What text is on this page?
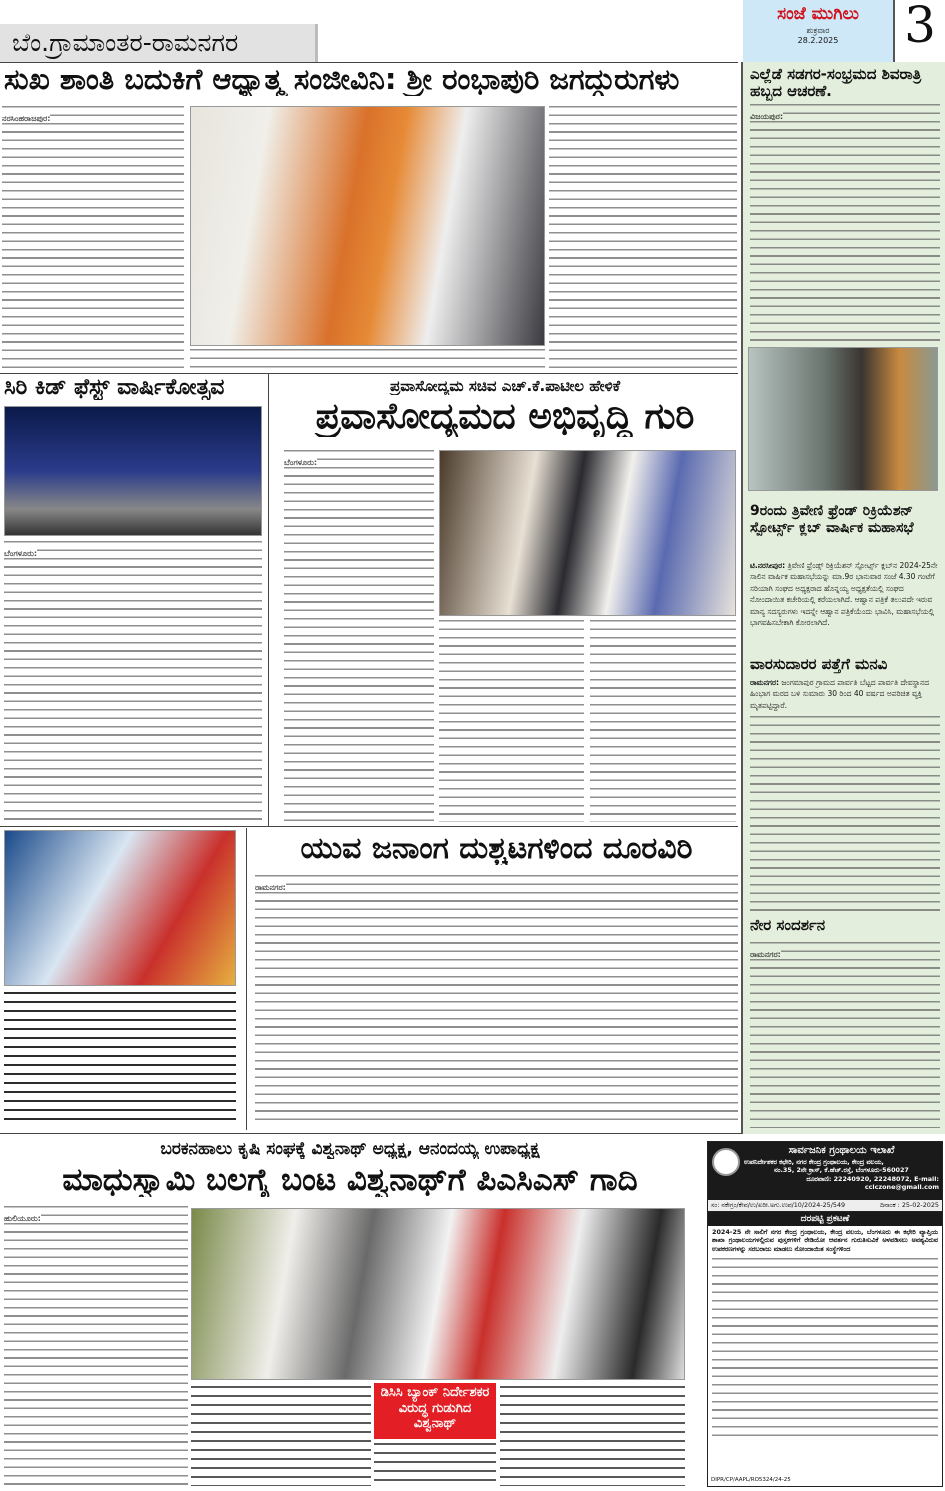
ಬೆಂ.ಗ್ರಾಮಾಂತರ-ರಾಮನಗರ
ಸಂಜೆ ಮುಗಿಲು
ಶುಕ್ರವಾರ
28.2.2025	3
ಸುಖ ಶಾಂತಿ ಬದುಕಿಗೆ ಆಧ್ಯಾತ್ಮ ಸಂಜೀವಿನಿ: ಶ್ರೀ ರಂಭಾಪುರಿ ಜಗದ್ಗುರುಗಳು
ನರಸಿಂಹರಾಜಪುರ:
ಸಿರಿ ಕಿಡ್ ಫೆಸ್ಟ್ ವಾರ್ಷಿಕೋತ್ಸವ
ಬೆಂಗಳೂರು:
ಪ್ರವಾಸೋದ್ಯಮ ಸಚಿವ ಎಚ್.ಕೆ.ಪಾಟೀಲ ಹೇಳಿಕೆ
ಪ್ರವಾಸೋದ್ಯಮದ ಅಭಿವೃದ್ಧಿ ಗುರಿ
ಬೆಂಗಳೂರು:
ಯುವ ಜನಾಂಗ ದುಶ್ಚಟಗಳಿಂದ ದೂರವಿರಿ
ರಾಮನಗರ:
ಎಲ್ಲೆಡೆ ಸಡಗರ-ಸಂಭ್ರಮದ ಶಿವರಾತ್ರಿ ಹಬ್ಬದ ಆಚರಣೆ.
ವಿಜಯಪುರ:
9ರಂದು ತ್ರಿವೇಣಿ ಫ್ರೆಂಡ್ ರಿಕ್ರಿಯೆಶನ್ ಸ್ಪೋರ್ಟ್ಸ್ ಕ್ಲಬ್ ವಾರ್ಷಿಕ ಮಹಾಸಭೆ
ಟಿ.ನರಸೀಪುರ: ತ್ರಿವೇಣಿ ಫ್ರೆಂಡ್ಸ್ ರಿಕ್ರಿಯೆಶನ್ ಸ್ಪೋರ್ಟ್ಸ್ ಕ್ಲಬ್‌ನ 2024-25ನೇ ಸಾಲಿನ ವಾರ್ಷಿಕ ಮಹಾಸಭೆಯನ್ನು ಮಾ.9ರ ಭಾನುವಾರ ಸಂಜೆ 4.30 ಗಂಟೆಗೆ ಸರಿಯಾಗಿ ಸಂಘದ ಅಧ್ಯಕ್ಷರಾದ ಹೊನ್ನಯ್ಯ ಅಧ್ಯಕ್ಷತೆಯಲ್ಲಿ ಸಂಘದ ನೋಂದಾಯಿತ ಕಚೇರಿಯಲ್ಲಿ ಕರೆಯಲಾಗಿದೆ. ಆಹ್ವಾನ ಪತ್ರಿಕೆ ತಲುಪದೇ ಇರುವ ಮಾನ್ಯ ಸದಸ್ಯರುಗಳು ಇದನ್ನೇ ಆಹ್ವಾನ ಪತ್ರಿಕೆಯೆಂದು ಭಾವಿಸಿ, ಮಹಾಸಭೆಯಲ್ಲಿ ಭಾಗವಹಿಸಬೇಕಾಗಿ ಕೋರಲಾಗಿದೆ.
ವಾರಸುದಾರರ ಪತ್ತೆಗೆ ಮನವಿ
ರಾಮನಗರ: ಜಂಗಮಾಪುರ ಗ್ರಾಮದ ಪಾರ್ವತಿ ಬೆಟ್ಟದ ಪಾರ್ವತಿ ದೇವಸ್ಥಾನದ ಹಿಂಭಾಗ ಮರದ ಬಳಿ ಸುಮಾರು 30 ರಿಂದ 40 ವರ್ಷದ ಅಪರಿಚಿತ ವ್ಯಕ್ತಿ ಮೃತಪಟ್ಟಿದ್ದಾರೆ.
ನೇರ ಸಂದರ್ಶನ
ರಾಮನಗರ:
ಬರಕನಹಾಲು ಕೃಷಿ ಸಂಘಕ್ಕೆ ವಿಶ್ವನಾಥ್ ಅಧ್ಯಕ್ಷ, ಆನಂದಯ್ಯ ಉಪಾಧ್ಯಕ್ಷ
ಮಾಧುಸ್ವಾಮಿ ಬಲಗೈ ಬಂಟ ವಿಶ್ವನಾಥ್‌ಗೆ ಪಿಎಸಿಎಸ್ ಗಾದಿ
ಹುಲಿಯೂರು:
ಡಿಸಿಸಿ ಬ್ಯಾಂಕ್ ನಿರ್ದೇಶಕರ ವಿರುದ್ಧ ಗುಡುಗಿದ ವಿಶ್ವನಾಥ್
ಸಾರ್ವಜನಿಕ ಗ್ರಂಥಾಲಯ ಇಲಾಖೆ
ಉಪನಿರ್ದೇಶಕರ ಕಛೇರಿ, ನಗರ ಕೇಂದ್ರ ಗ್ರಂಥಾಲಯ, ಕೇಂದ್ರ ವಲಯ,
ನಂ.35, 2ನೇ ಕ್ರಾಸ್, ಕೆ.ಹೆಚ್.ರಸ್ತೆ, ಬೆಂಗಳೂರು-560027
ದೂರವಾಣಿ: 22240920, 22248072, E-mail: cclczone@gmail.com
ಸಂ: ನಕೇಗ್ರಂ/ಕೇವ/ಉ/ಖರೀ.ಅಗು.ಉಪ/10/2024-25/549	ದಿನಾಂಕ : 25-02-2025
ದರಪಟ್ಟಿ ಪ್ರಕಟಣೆ
2024-25 ನೇ ಸಾಲಿಗೆ ನಗರ ಕೇಂದ್ರ ಗ್ರಂಥಾಲಯ, ಕೇಂದ್ರ ವಲಯ, ಬೆಂಗಳೂರು ಈ ಕಛೇರಿ ವ್ಯಾಪ್ತಿಯ ಶಾಖಾ ಗ್ರಂಥಾಲಯಗಳಲ್ಲಿರುವ ಪುಸ್ತಕಗಳಿಗೆ ರೇಡಿಯೋ ಆವರ್ತನ ಗುರುತಿಸುವಿಕೆ ಅಳವಡಿಸಲು ಅವಶ್ಯವಿರುವ ಉಪಕರಣಗಳನ್ನು ಸರಬರಾಜು ಮಾಡಲು ನೋಂದಾಯಿತ ಸಂಸ್ಥೆಗಳಿಂದ
DIPR/CP/AAPL/RO5324/24-25
